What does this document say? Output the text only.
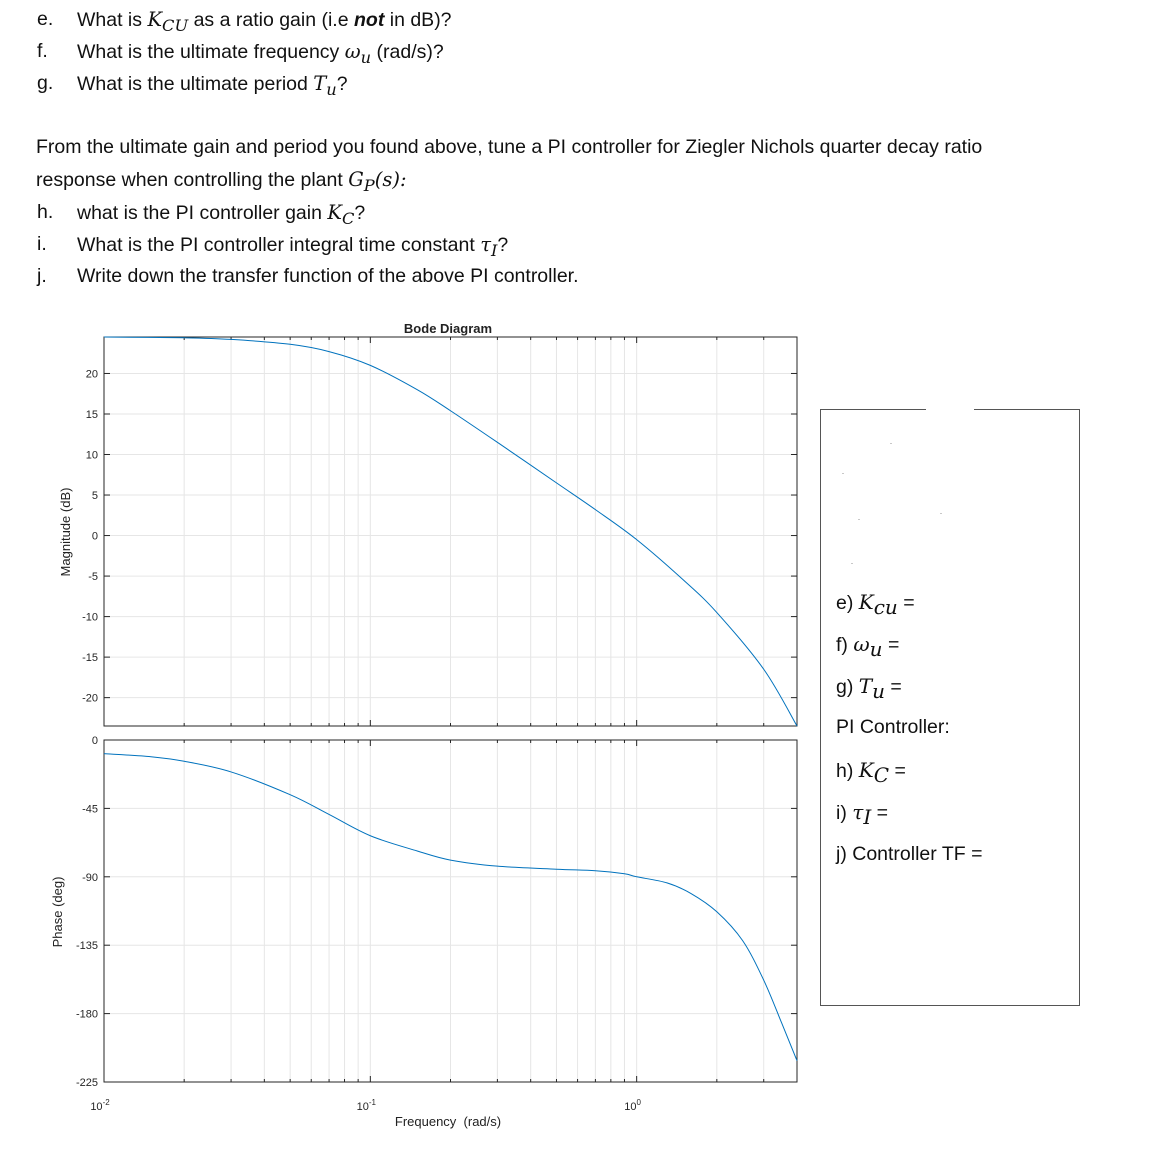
e. What is $K_{CU}$ as a ratio gain (i.e not in dB)?
f. What is the ultimate frequency $\omega_u$ (rad/s)?
g. What is the ultimate period $T_u$?
From the ultimate gain and period you found above, tune a PI controller for Ziegler Nichols quarter decay ratio
response when controlling the plant $G_P(s)$:
h. what is the PI controller gain $K_C$?
i. What is the PI controller integral time constant $\tau_I$?
j. Write down the transfer function of the above PI controller.
Bode Diagram
20
15
10
5
0
-5
-10
-15
-20
0
-45
-90
-135
-180
-225
$10^{-2}$	$10^{-1}$	$10^0$
Magnitude (dB)
Phase (deg)
Frequency  (rad/s)
e) $K_{cu}$ =
f) $\omega_u$ =
g) $T_u$ =
PI Controller:
h) $K_C$ =
i) $\tau_I$ =
j) Controller TF =
